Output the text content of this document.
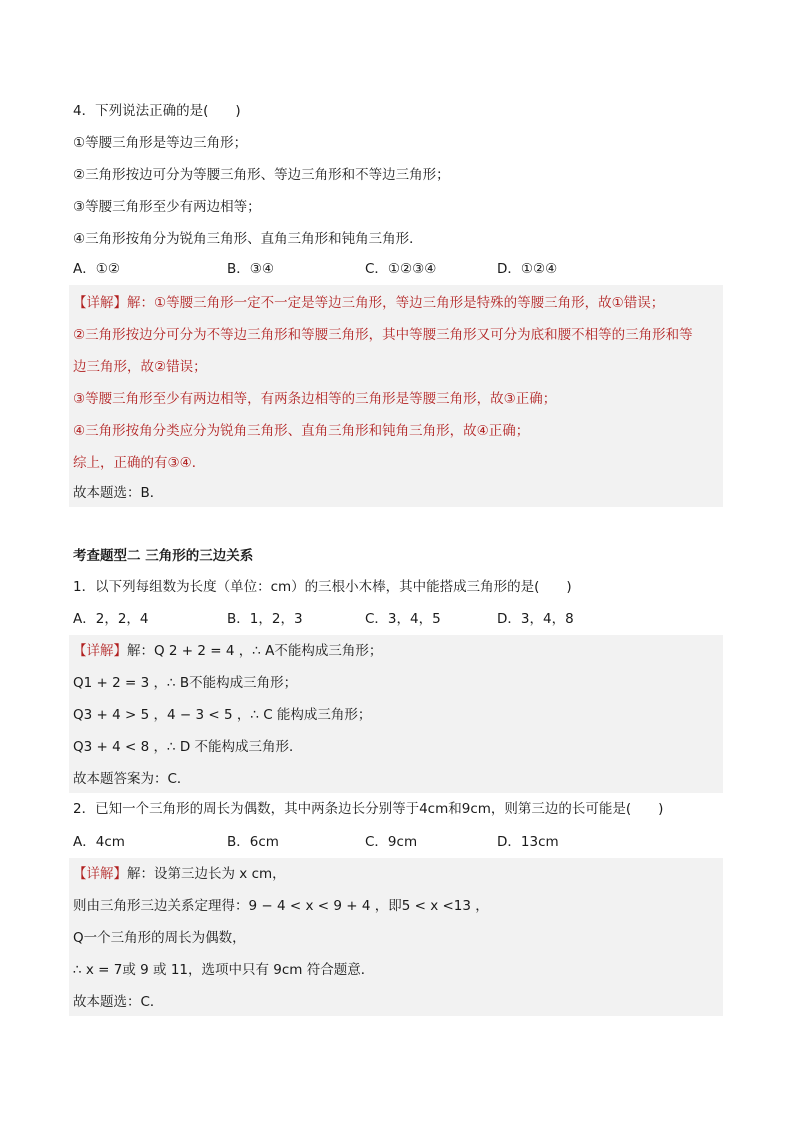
4．下列说法正确的是(　　)
①等腰三角形是等边三角形；
②三角形按边可分为等腰三角形、等边三角形和不等边三角形；
③等腰三角形至少有两边相等；
④三角形按角分为锐角三角形、直角三角形和钝角三角形．
A．①②	B．③④	C．①②③④	D．①②④
【详解】解：①等腰三角形一定不一定是等边三角形，等边三角形是特殊的等腰三角形，故①错误；
②三角形按边分可分为不等边三角形和等腰三角形，其中等腰三角形又可分为底和腰不相等的三角形和等
边三角形，故②错误；
③等腰三角形至少有两边相等，有两条边相等的三角形是等腰三角形，故③正确；
④三角形按角分类应分为锐角三角形、直角三角形和钝角三角形，故④正确；
综上，正确的有③④．
故本题选：B．
考查题型二 三角形的三边关系
1．以下列每组数为长度（单位：cm）的三根小木棒，其中能搭成三角形的是(　　)
A．2，2，4	B．1，2，3	C．3，4，5	D．3，4，8
【详解】解：Q 2 + 2 = 4 ，∴ A不能构成三角形；
Q1 + 2 = 3 ，∴ B不能构成三角形；
Q3 + 4 > 5 ，4 − 3 < 5 ，∴ C 能构成三角形；
Q3 + 4 < 8 ，∴ D 不能构成三角形．
故本题答案为：C．
2．已知一个三角形的周长为偶数，其中两条边长分别等于4cm和9cm，则第三边的长可能是(　　)
A．4cm	B．6cm	C．9cm	D．13cm
【详解】解：设第三边长为 x cm，
则由三角形三边关系定理得：9 − 4 < x < 9 + 4 ，即5 < x <13 ，
Q一个三角形的周长为偶数，
∴ x = 7或 9 或 11，选项中只有 9cm 符合题意．
故本题选：C．
